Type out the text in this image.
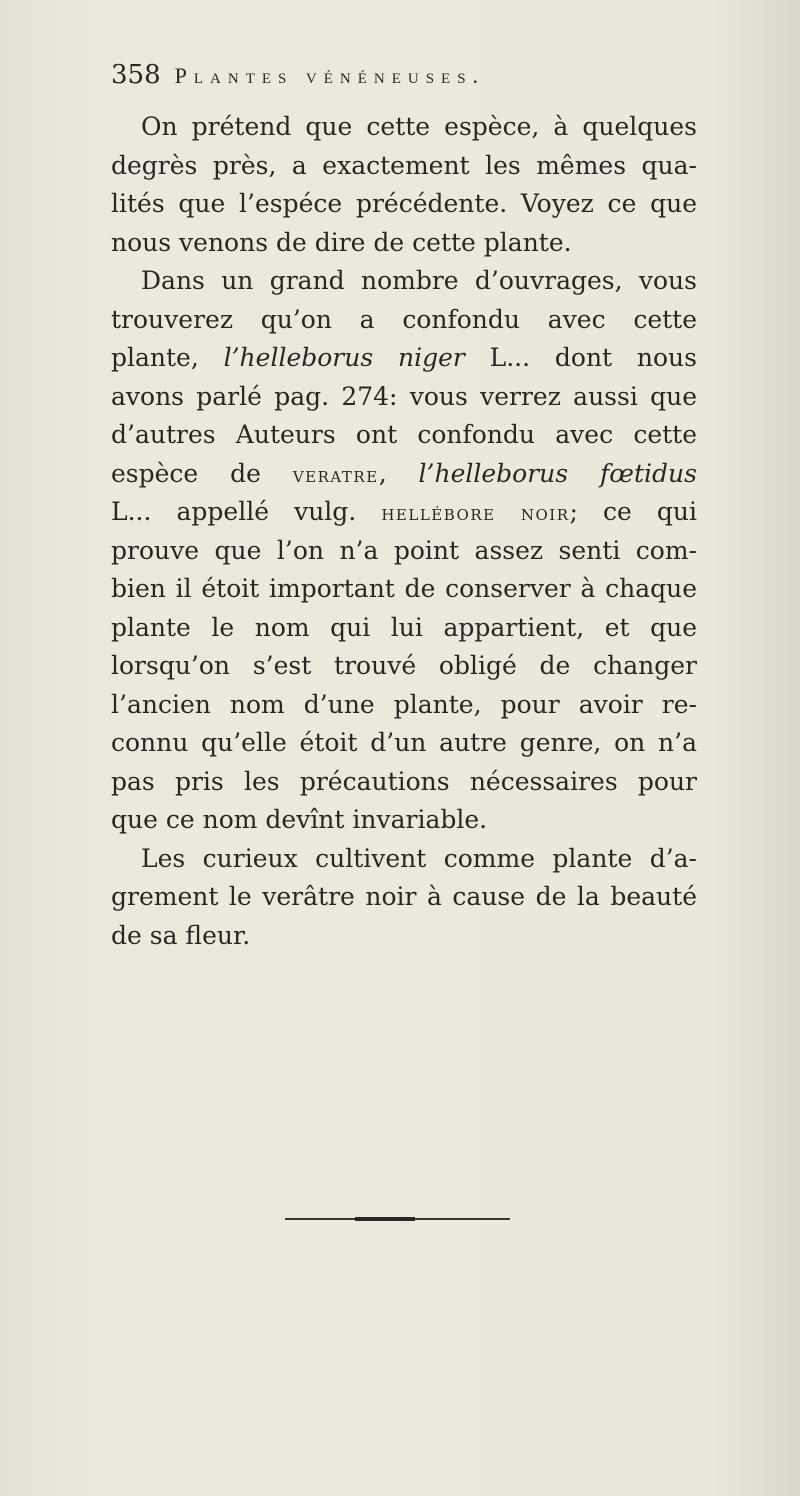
358 Plantes vénéneuses.
On prétend que cette espèce, à quelques
degrès près, a exactement les mêmes qua-
lités que l’espéce précédente. Voyez ce que
nous venons de dire de cette plante.
Dans un grand nombre d’ouvrages, vous
trouverez qu’on a confondu avec cette
plante, l’helleborus niger L... dont nous
avons parlé pag. 274: vous verrez aussi que
d’autres Auteurs ont confondu avec cette
espèce de veratre, l’helleborus fœtidus
L... appellé vulg. hellébore noir; ce qui
prouve que l’on n’a point assez senti com-
bien il étoit important de conserver à chaque
plante le nom qui lui appartient, et que
lorsqu’on s’est trouvé obligé de changer
l’ancien nom d’une plante, pour avoir re-
connu qu’elle étoit d’un autre genre, on n’a
pas pris les précautions nécessaires pour
que ce nom devînt invariable.
Les curieux cultivent comme plante d’a-
grement le verâtre noir à cause de la beauté
de sa fleur.
